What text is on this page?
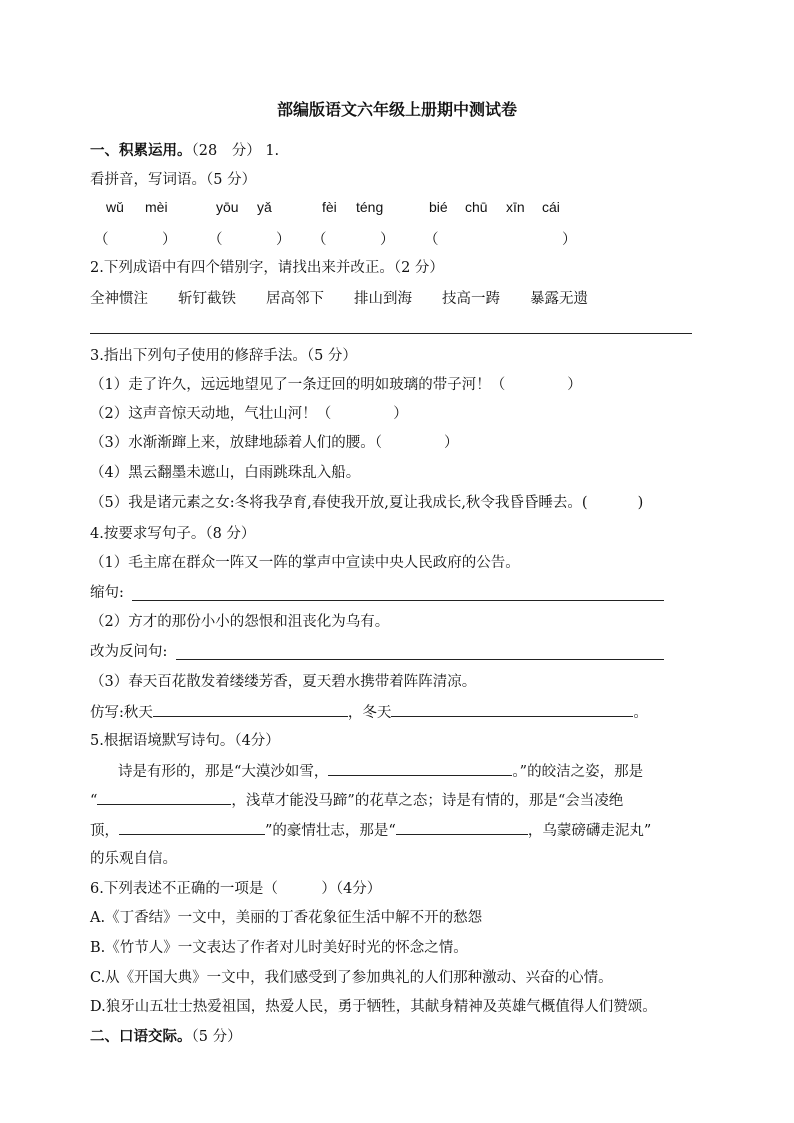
部编版语文六年级上册期中测试卷
一、积累运用。（28　分） 1.
看拼音，写词语。（5 分）
wǔ mèi	yōu yǎ	fèi téng	bié chū xīn cái
（	） （	） （	） （	）
2.下列成语中有四个错别字，请找出来并改正。（2 分）
全神惯注 斩钉截铁 居高邻下 排山到海 技高一踌 暴露无遗
3.指出下列句子使用的修辞手法。（5 分）
（1）走了许久，远远地望见了一条迂回的明如玻璃的带子河！（	）
（2）这声音惊天动地，气壮山河！（	）
（3）水渐渐蹿上来，放肆地舔着人们的腰。（	）
（4）黑云翻墨未遮山，白雨跳珠乱入船。
（5）我是诸元素之女:冬将我孕育,春使我开放,夏让我成长,秋令我昏昏睡去。(	)
4.按要求写句子。（8 分）
（1）毛主席在群众一阵又一阵的掌声中宣读中央人民政府的公告。
缩句:
（2）方才的那份小小的怨恨和沮丧化为乌有。
改为反问句:
（3）春天百花散发着缕缕芳香，夏天碧水携带着阵阵清凉。
仿写:秋天	，冬天	。
5.根据语境默写诗句。（4分）
诗是有形的，那是“大漠沙如雪，	。”的皎洁之姿，那是
“	，浅草才能没马蹄”的花草之态；诗是有情的，那是“会当凌绝
顶，	”的豪情壮志，那是“	，乌蒙磅礴走泥丸”
的乐观自信。
6.下列表述不正确的一项是（　　　）（4分）
A.《丁香结》一文中，美丽的丁香花象征生活中解不开的愁怨
B.《竹节人》一文表达了作者对儿时美好时光的怀念之情。
C.从《开国大典》一文中，我们感受到了参加典礼的人们那种激动、兴奋的心情。
D.狼牙山五壮士热爱祖国，热爱人民，勇于牺牲，其献身精神及英雄气概值得人们赞颂。
二、口语交际。（5 分）
